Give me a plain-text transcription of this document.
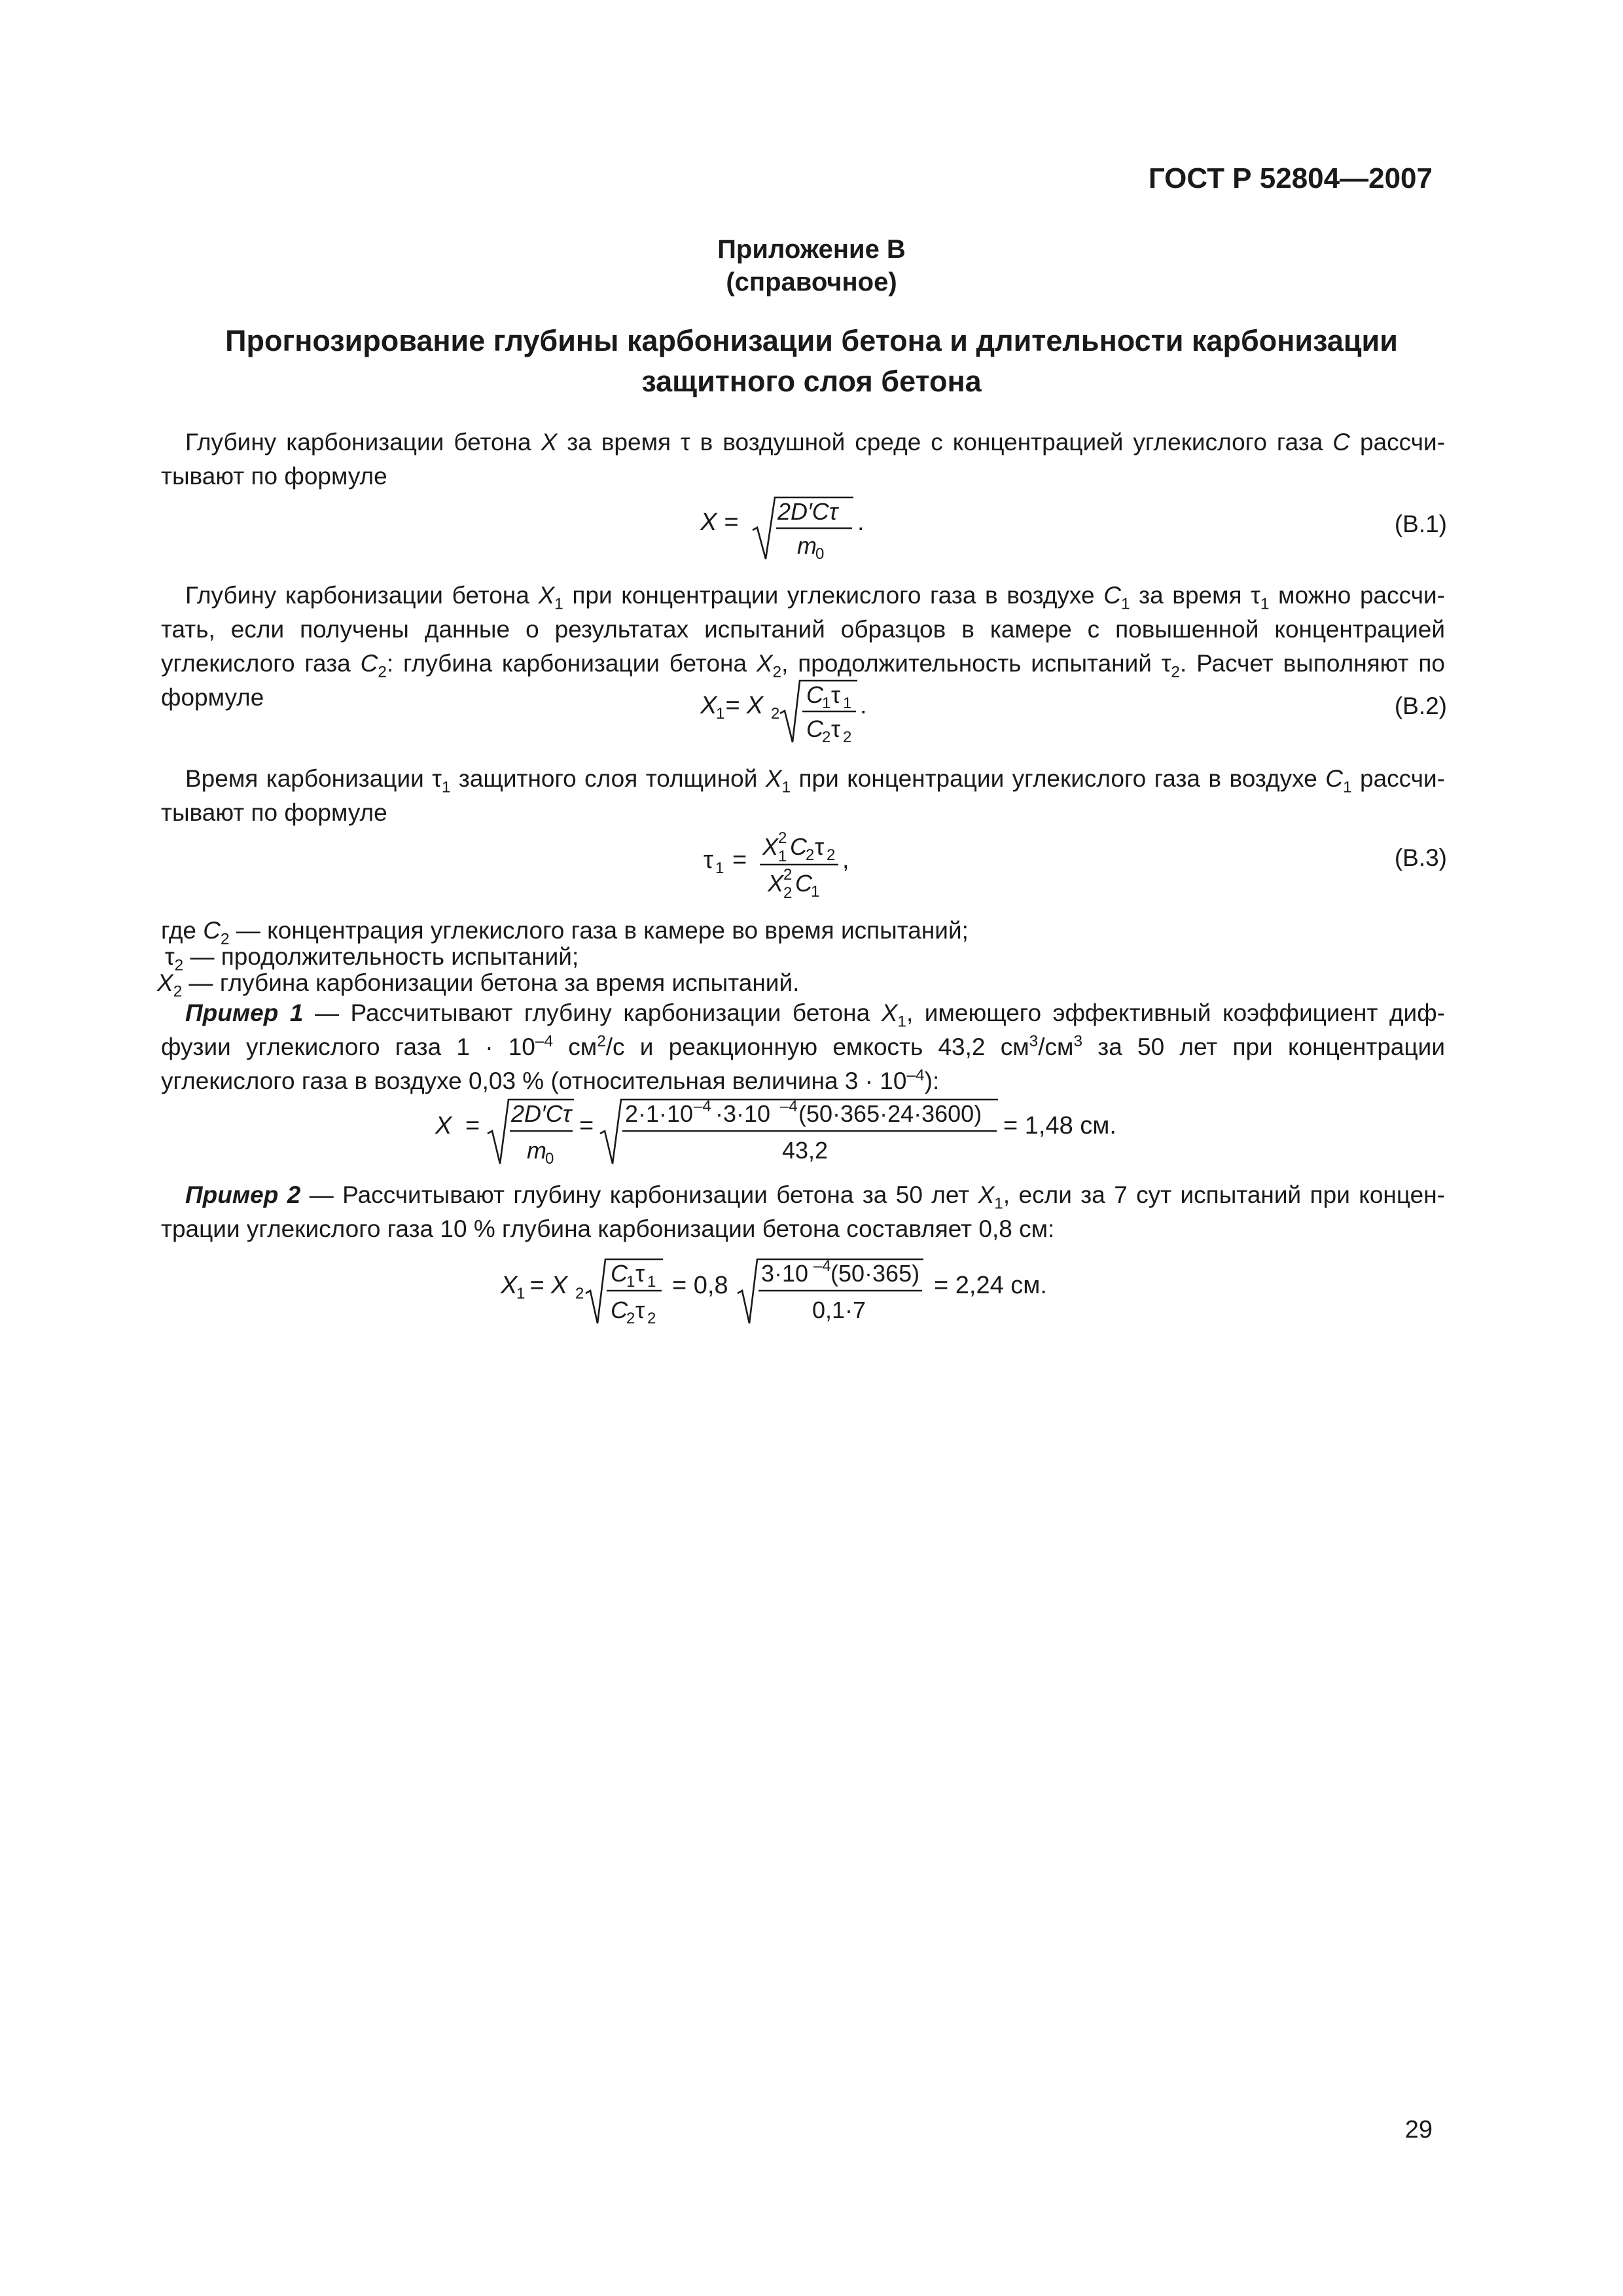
ГОСТ Р 52804—2007
Приложение В
(справочное)
Прогнозирование глубины карбонизации бетона и длительности карбонизации защитного слоя бетона
Глубину карбонизации бетона X за время τ в воздушной среде с концентрацией углекислого газа C рассчитывают по формуле
X = 2D′Cτ
m
0
.	(В.1)
Глубину карбонизации бетона $X_1$ при концентрации углекислого газа в воздухе $C_1$ за время $\tau_1$ можно рассчитать, если получены данные о результатах испытаний образцов в камере с повышенной концентрацией углекислого газа $C_2$: глубина карбонизации бетона $X_2$, продолжительность испытаний $\tau_2$. Расчет выполняют по формуле	X
1 = X 2
C
1 τ 1
C
2 τ 2
.	(В.2)
Время карбонизации $\tau_1$ защитного слоя толщиной $X_1$ при концентрации углекислого газа в воздухе $C_1$ рассчитывают по формуле
τ 1 = X 2
1 C
2 τ 2
X 2
2 C
1
,	(В.3)
где $C_2$ — концентрация углекислого газа в камере во время испытаний;
$\tau_2$ — продолжительность испытаний;
$X_2$ — глубина карбонизации бетона за время испытаний.
Пример 1 — Рассчитывают глубину карбонизации бетона $X_1$, имеющего эффективный коэффициент диффузии углекислого газа $1 \cdot 10^{-4}$ $см^2/с$ и реакционную емкость 43,2 $см^3/см^3$ за 50 лет при концентрации углекислого газа в воздухе 0,03 % (относительная величина $3 \cdot 10^{-4}$):
X = 2D′Cτ
m
0
= 2·1·10 –4 ·3·10 –4 (50·365·24·3600)
43,2
= 1,48 см.
Пример 2 — Рассчитывают глубину карбонизации бетона за 50 лет $X_1$, если за 7 сут испытаний при концентрации углекислого газа 10 % глубина карбонизации бетона составляет 0,8 см:
X
1 = X 2
C
1 τ 1
C
2 τ 2
= 0,8 3·10 –4 (50·365)
0,1·7
= 2,24 см.
29
